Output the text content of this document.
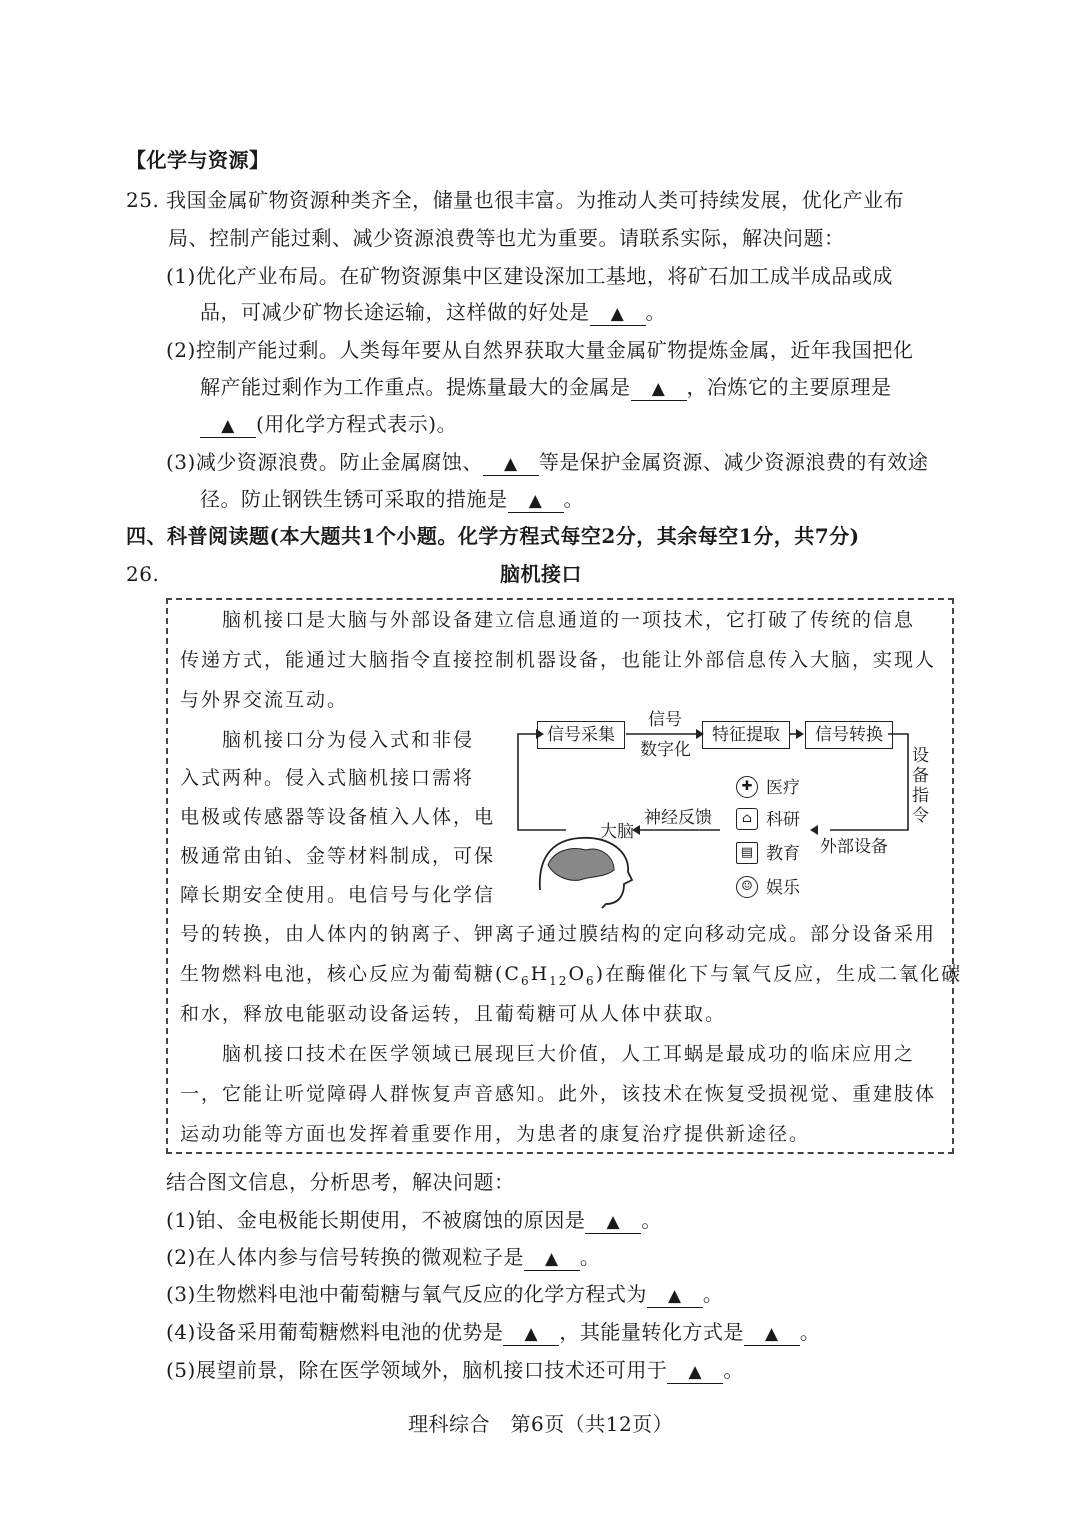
【化学与资源】
25. 我国金属矿物资源种类齐全，储量也很丰富。为推动人类可持续发展，优化产业布
局、控制产能过剩、减少资源浪费等也尤为重要。请联系实际，解决问题：
(1)优化产业布局。在矿物资源集中区建设深加工基地，将矿石加工成半成品或成
品，可减少矿物长途运输，这样做的好处是 ▲ 。
(2)控制产能过剩。人类每年要从自然界获取大量金属矿物提炼金属，近年我国把化
解产能过剩作为工作重点。提炼量最大的金属是 ▲ ，冶炼它的主要原理是
▲ (用化学方程式表示)。
(3)减少资源浪费。防止金属腐蚀、 ▲ 等是保护金属资源、减少资源浪费的有效途
径。防止钢铁生锈可采取的措施是 ▲ 。
四、科普阅读题(本大题共1个小题。化学方程式每空2分，其余每空1分，共7分)
26.	脑机接口
脑机接口是大脑与外部设备建立信息通道的一项技术，它打破了传统的信息
传递方式，能通过大脑指令直接控制机器设备，也能让外部信息传入大脑，实现人
与外界交流互动。
脑机接口分为侵入式和非侵
入式两种。侵入式脑机接口需将
电极或传感器等设备植入人体，电
极通常由铂、金等材料制成，可保
障长期安全使用。电信号与化学信
号的转换，由人体内的钠离子、钾离子通过膜结构的定向移动完成。部分设备采用
生物燃料电池，核心反应为葡萄糖$(C_6H_{12}O_6)$在酶催化下与氧气反应，生成二氧化碳
和水，释放电能驱动设备运转，且葡萄糖可从人体中获取。
脑机接口技术在医学领域已展现巨大价值，人工耳蜗是最成功的临床应用之
一，它能让听觉障碍人群恢复声音感知。此外，该技术在恢复受损视觉、重建肢体
运动功能等方面也发挥着重要作用，为患者的康复治疗提供新途径。
信号采集
信号
数字化
特征提取	信号转换
设
备
指
令
外部设备
神经反馈
大脑
✚ 医疗
⌂ 科研
▤ 教育
☺ 娱乐
结合图文信息，分析思考，解决问题：
(1)铂、金电极能长期使用，不被腐蚀的原因是 ▲ 。
(2)在人体内参与信号转换的微观粒子是 ▲ 。
(3)生物燃料电池中葡萄糖与氧气反应的化学方程式为 ▲ 。
(4)设备采用葡萄糖燃料电池的优势是 ▲ ，其能量转化方式是 ▲ 。
(5)展望前景，除在医学领域外，脑机接口技术还可用于 ▲ 。
理科综合　第6页（共12页）
